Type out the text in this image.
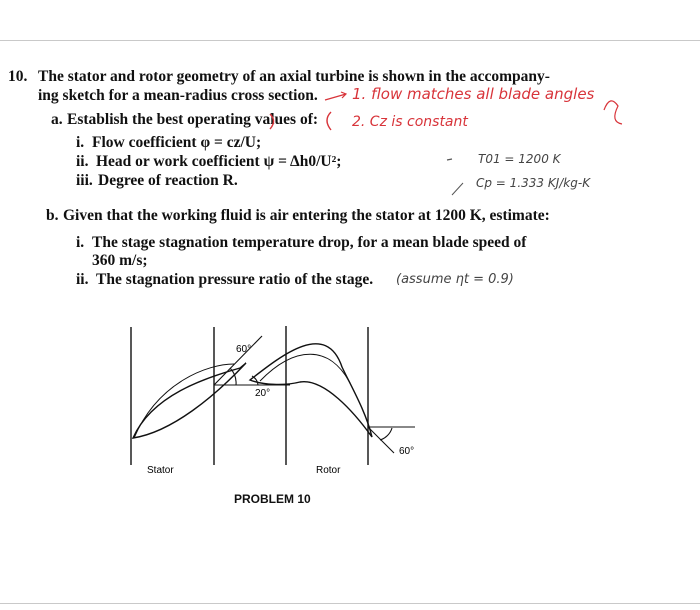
10. The stator and rotor geometry of an axial turbine is shown in the accompany-
ing sketch for a mean-radius cross section.
a. Establish the best operating values of:
i. Flow coefficient φ = cz/U;
ii. Head or work coefficient ψ = Δh0/U²;
iii. Degree of reaction R.
b. Given that the working fluid is air entering the stator at 1200 K, estimate:
i. The stage stagnation temperature drop, for a mean blade speed of
360 m/s;
ii. The stagnation pressure ratio of the stage.
1. flow matches all blade angles
2. Cz is constant
T01 = 1200 K
Cp = 1.333 KJ/kg-K
(assume ηt = 0.9)
60°
20°
60°
Stator	Rotor
PROBLEM 10
